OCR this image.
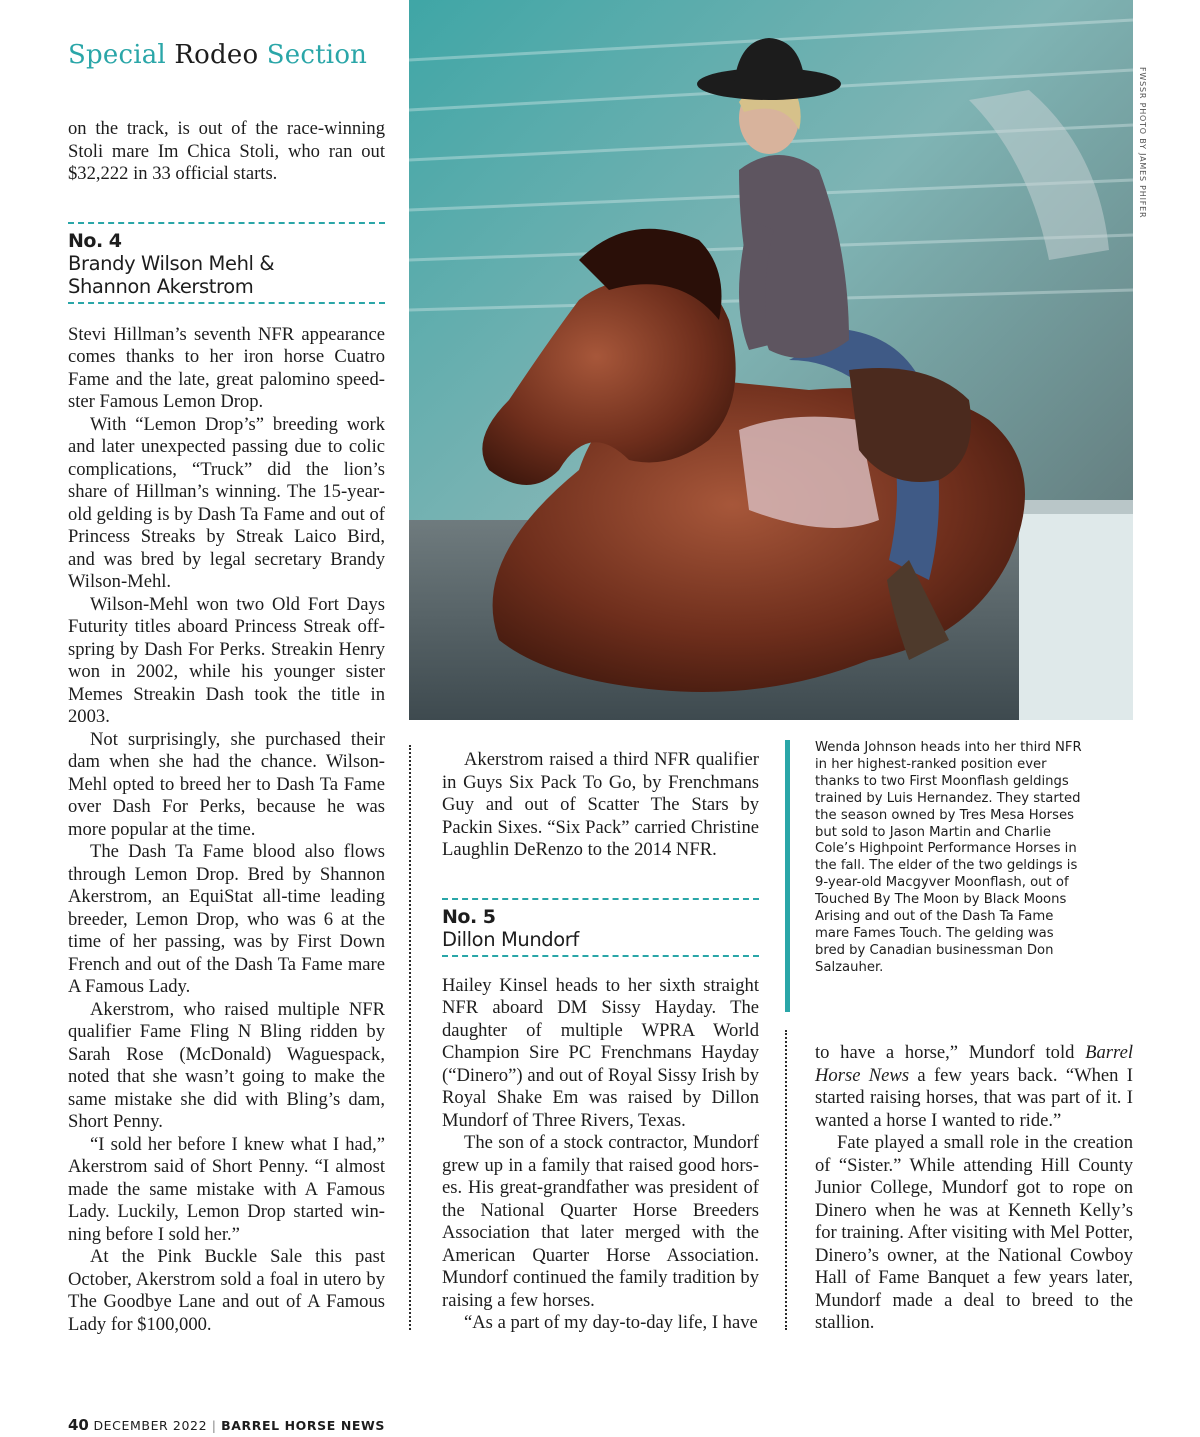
Special Rodeo Section

on the track, is out of the race-winning Stoli mare Im Chica Stoli, who ran out $32,222 in 33 official starts.

No. 4
Brandy Wilson Mehl &
Shannon Akerstrom

Stevi Hillman’s seventh NFR appearance comes thanks to her iron horse Cuatro Fame and the late, great palomino speedster Famous Lemon Drop.

With “Lemon Drop’s” breeding work and later unexpected passing due to colic complications, “Truck” did the lion’s share of Hillman’s winning. The 15-year-old gelding is by Dash Ta Fame and out of Princess Streaks by Streak Laico Bird, and was bred by legal secretary Brandy Wilson-Mehl.

Wilson-Mehl won two Old Fort Days Futurity titles aboard Princess Streak offspring by Dash For Perks. Streakin Henry won in 2002, while his younger sister Memes Streakin Dash took the title in 2003.

Not surprisingly, she purchased their dam when she had the chance. Wilson-Mehl opted to breed her to Dash Ta Fame over Dash For Perks, because he was more popular at the time.

The Dash Ta Fame blood also flows through Lemon Drop. Bred by Shannon Akerstrom, an EquiStat all-time leading breeder, Lemon Drop, who was 6 at the time of her passing, was by First Down French and out of the Dash Ta Fame mare A Famous Lady.

Akerstrom, who raised multiple NFR qualifier Fame Fling N Bling ridden by Sarah Rose (McDonald) Waguespack, noted that she wasn’t going to make the same mistake she did with Bling’s dam, Short Penny.

“I sold her before I knew what I had,” Akerstrom said of Short Penny. “I almost made the same mistake with A Famous Lady. Luckily, Lemon Drop started winning before I sold her.”

At the Pink Buckle Sale this past October, Akerstrom sold a foal in utero by The Goodbye Lane and out of A Famous Lady for $100,000.

FWSSR PHOTO BY JAMES PHIFER

Akerstrom raised a third NFR qualifier in Guys Six Pack To Go, by Frenchmans Guy and out of Scatter The Stars by Packin Sixes. “Six Pack” carried Christine Laughlin DeRenzo to the 2014 NFR.

No. 5
Dillon Mundorf

Hailey Kinsel heads to her sixth straight NFR aboard DM Sissy Hayday. The daughter of multiple WPRA World Champion Sire PC Frenchmans Hayday (“Dinero”) and out of Royal Sissy Irish by Royal Shake Em was raised by Dillon Mundorf of Three Rivers, Texas.

The son of a stock contractor, Mundorf grew up in a family that raised good horses. His great-grandfather was president of the National Quarter Horse Breeders Association that later merged with the American Quarter Horse Association. Mundorf continued the family tradition by raising a few horses.

“As a part of my day-to-day life, I have

Wenda Johnson heads into her third NFR in her highest-ranked position ever thanks to two First Moonflash geldings trained by Luis Hernandez. They started the season owned by Tres Mesa Horses but sold to Jason Martin and Charlie Cole’s Highpoint Performance Horses in the fall. The elder of the two geldings is 9-year-old Macgyver Moonflash, out of Touched By The Moon by Black Moons Arising and out of the Dash Ta Fame mare Fames Touch. The gelding was bred by Canadian businessman Don Salzauher.

to have a horse,” Mundorf told Barrel Horse News a few years back. “When I started raising horses, that was part of it. I wanted a horse I wanted to ride.”

Fate played a small role in the creation of “Sister.” While attending Hill County Junior College, Mundorf got to rope on Dinero when he was at Kenneth Kelly’s for training. After visiting with Mel Potter, Dinero’s owner, at the National Cowboy Hall of Fame Banquet a few years later, Mundorf made a deal to breed to the stallion.

40 DECEMBER 2022 | BARREL HORSE NEWS
